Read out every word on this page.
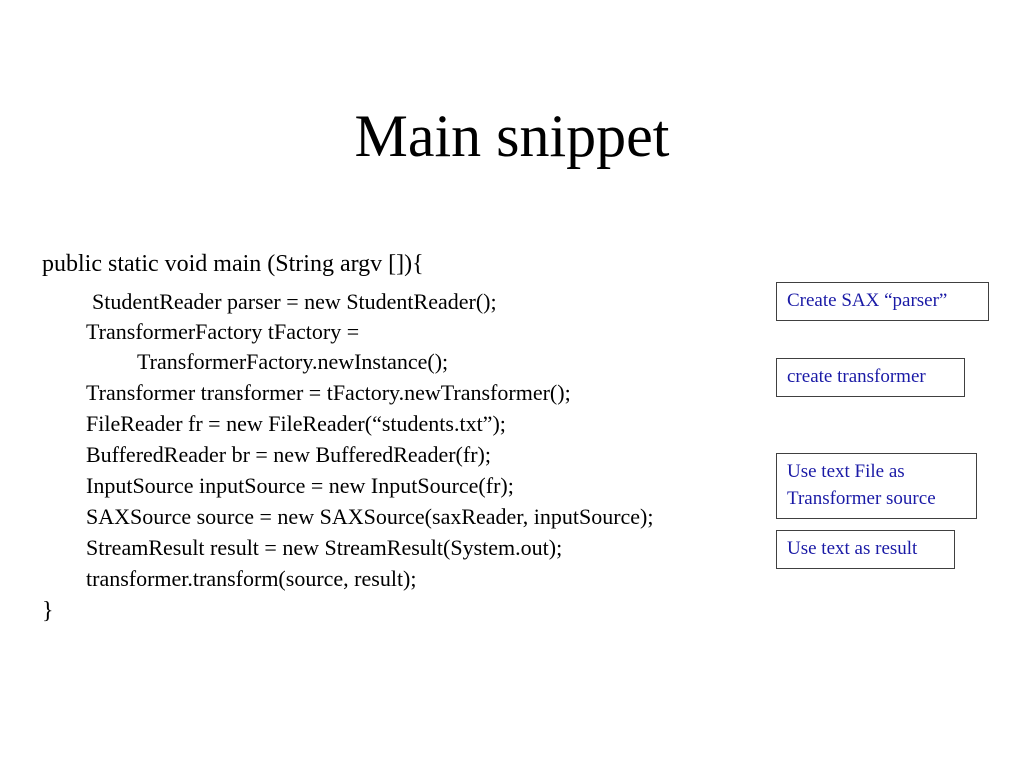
Main snippet
public static void main (String argv []){
StudentReader parser = new StudentReader();
TransformerFactory tFactory =
TransformerFactory.newInstance();
Transformer transformer = tFactory.newTransformer();
FileReader fr = new FileReader(“students.txt”);
BufferedReader br = new BufferedReader(fr);
InputSource inputSource = new InputSource(fr);
SAXSource source = new SAXSource(saxReader, inputSource);
StreamResult result = new StreamResult(System.out);
transformer.transform(source, result);
}
Create SAX “parser”
create transformer
Use text File as
Transformer source
Use text as result
